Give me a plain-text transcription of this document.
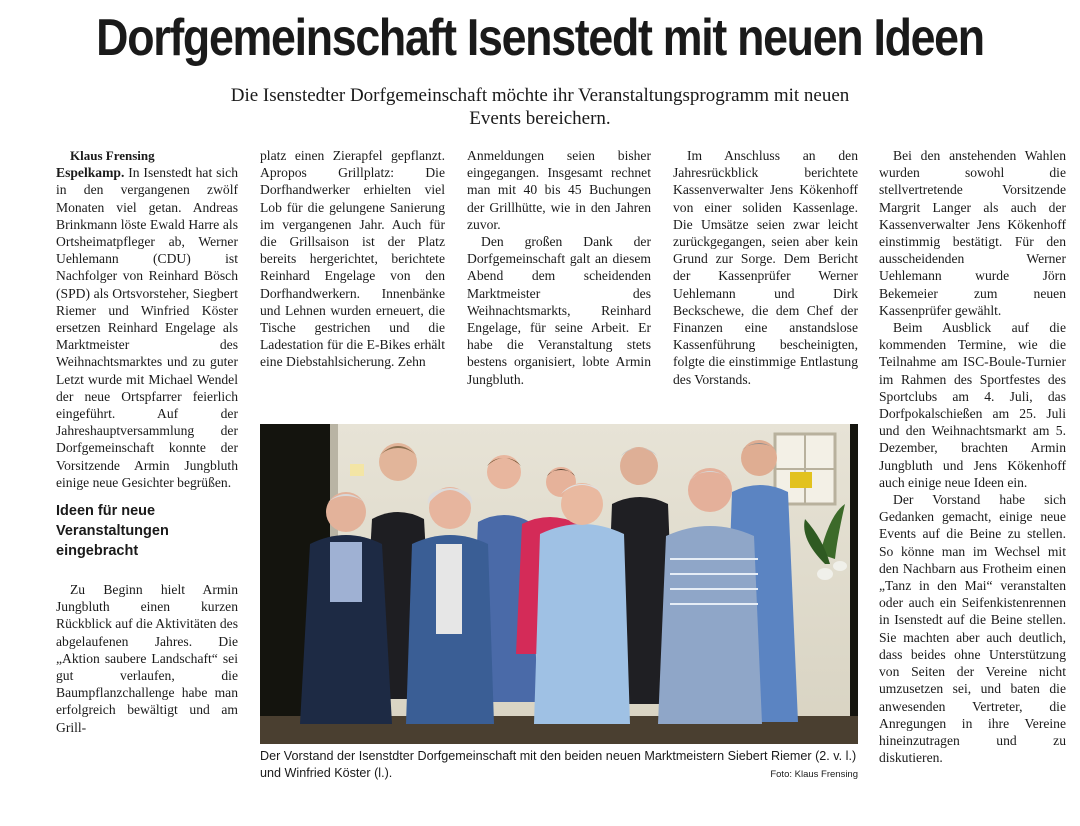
Dorfgemeinschaft Isenstedt mit neuen Ideen
Die Isenstedter Dorfgemeinschaft möchte ihr Veranstaltungsprogramm mit neuen Events bereichern.

Klaus Frensing

Espelkamp. In Isenstedt hat sich in den vergangenen zwölf Monaten viel getan. Andreas Brinkmann löste Ewald Harre als Ortsheimatpfleger ab, Werner Uehlemann (CDU) ist Nachfolger von Reinhard Bösch (SPD) als Ortsvorsteher, Siegbert Riemer und Winfried Köster ersetzen Reinhard Engelage als Marktmeister des Weihnachtsmarktes und zu guter Letzt wurde mit Michael Wendel der neue Ortspfarrer feierlich eingeführt. Auf der Jahreshauptversammlung der Dorfgemeinschaft konnte der Vorsitzende Armin Jungbluth einige neue Gesichter begrüßen.

Ideen für neue Veranstaltungen eingebracht

Zu Beginn hielt Armin Jungbluth einen kurzen Rückblick auf die Aktivitäten des abgelaufenen Jahres. Die „Aktion saubere Landschaft“ sei gut verlaufen, die Baumpflanzchallenge habe man erfolgreich bewältigt und am Grill-

platz einen Zierapfel gepflanzt. Apropos Grillplatz: Die Dorfhandwerker erhielten viel Lob für die gelungene Sanierung im vergangenen Jahr. Auch für die Grillsaison ist der Platz bereits hergerichtet, berichtete Reinhard Engelage von den Dorfhandwerkern. Innenbänke und Lehnen wurden erneuert, die Tische gestrichen und die Ladestation für die E-Bikes erhält eine Diebstahlsicherung. Zehn

Anmeldungen seien bisher eingegangen. Insgesamt rechnet man mit 40 bis 45 Buchungen der Grillhütte, wie in den Jahren zuvor.

Den großen Dank der Dorfgemeinschaft galt an diesem Abend dem scheidenden Marktmeister des Weihnachtsmarkts, Reinhard Engelage, für seine Arbeit. Er habe die Veranstaltung stets bestens organisiert, lobte Armin Jungbluth.

Im Anschluss an den Jahresrückblick berichtete Kassenverwalter Jens Kökenhoff von einer soliden Kassenlage. Die Umsätze seien zwar leicht zurückgegangen, seien aber kein Grund zur Sorge. Dem Bericht der Kassenprüfer Werner Uehlemann und Dirk Beckschewe, die dem Chef der Finanzen eine anstandslose Kassenführung bescheinigten, folgte die einstimmige Entlastung des Vorstands.

Bei den anstehenden Wahlen wurden sowohl die stellvertretende Vorsitzende Margrit Langer als auch der Kassenverwalter Jens Kökenhoff einstimmig bestätigt. Für den ausscheidenden Werner Uehlemann wurde Jörn Bekemeier zum neuen Kassenprüfer gewählt.

Beim Ausblick auf die kommenden Termine, wie die Teilnahme am ISC-Boule-Turnier im Rahmen des Sportfestes des Sportclubs am 4. Juli, das Dorfpokalschießen am 25. Juli und den Weihnachtsmarkt am 5. Dezember, brachten Armin Jungbluth und Jens Kökenhoff auch einige neue Ideen ein.

Der Vorstand habe sich Gedanken gemacht, einige neue Events auf die Beine zu stellen. So könne man im Wechsel mit den Nachbarn aus Frotheim einen „Tanz in den Mai“ veranstalten oder auch ein Seifenkistenrennen in Isenstedt auf die Beine stellen. Sie machten aber auch deutlich, dass beides ohne Unterstützung von Seiten der Vereine nicht umzusetzen sei, und baten die anwesenden Vertreter, die Anregungen in ihre Vereine hineinzutragen und zu diskutieren.

Der Vorstand der Isenstdter Dorfgemeinschaft mit den beiden neuen Marktmeistern Siebert Riemer (2. v. l.) und Winfried Köster (l.).	Foto: Klaus Frensing
